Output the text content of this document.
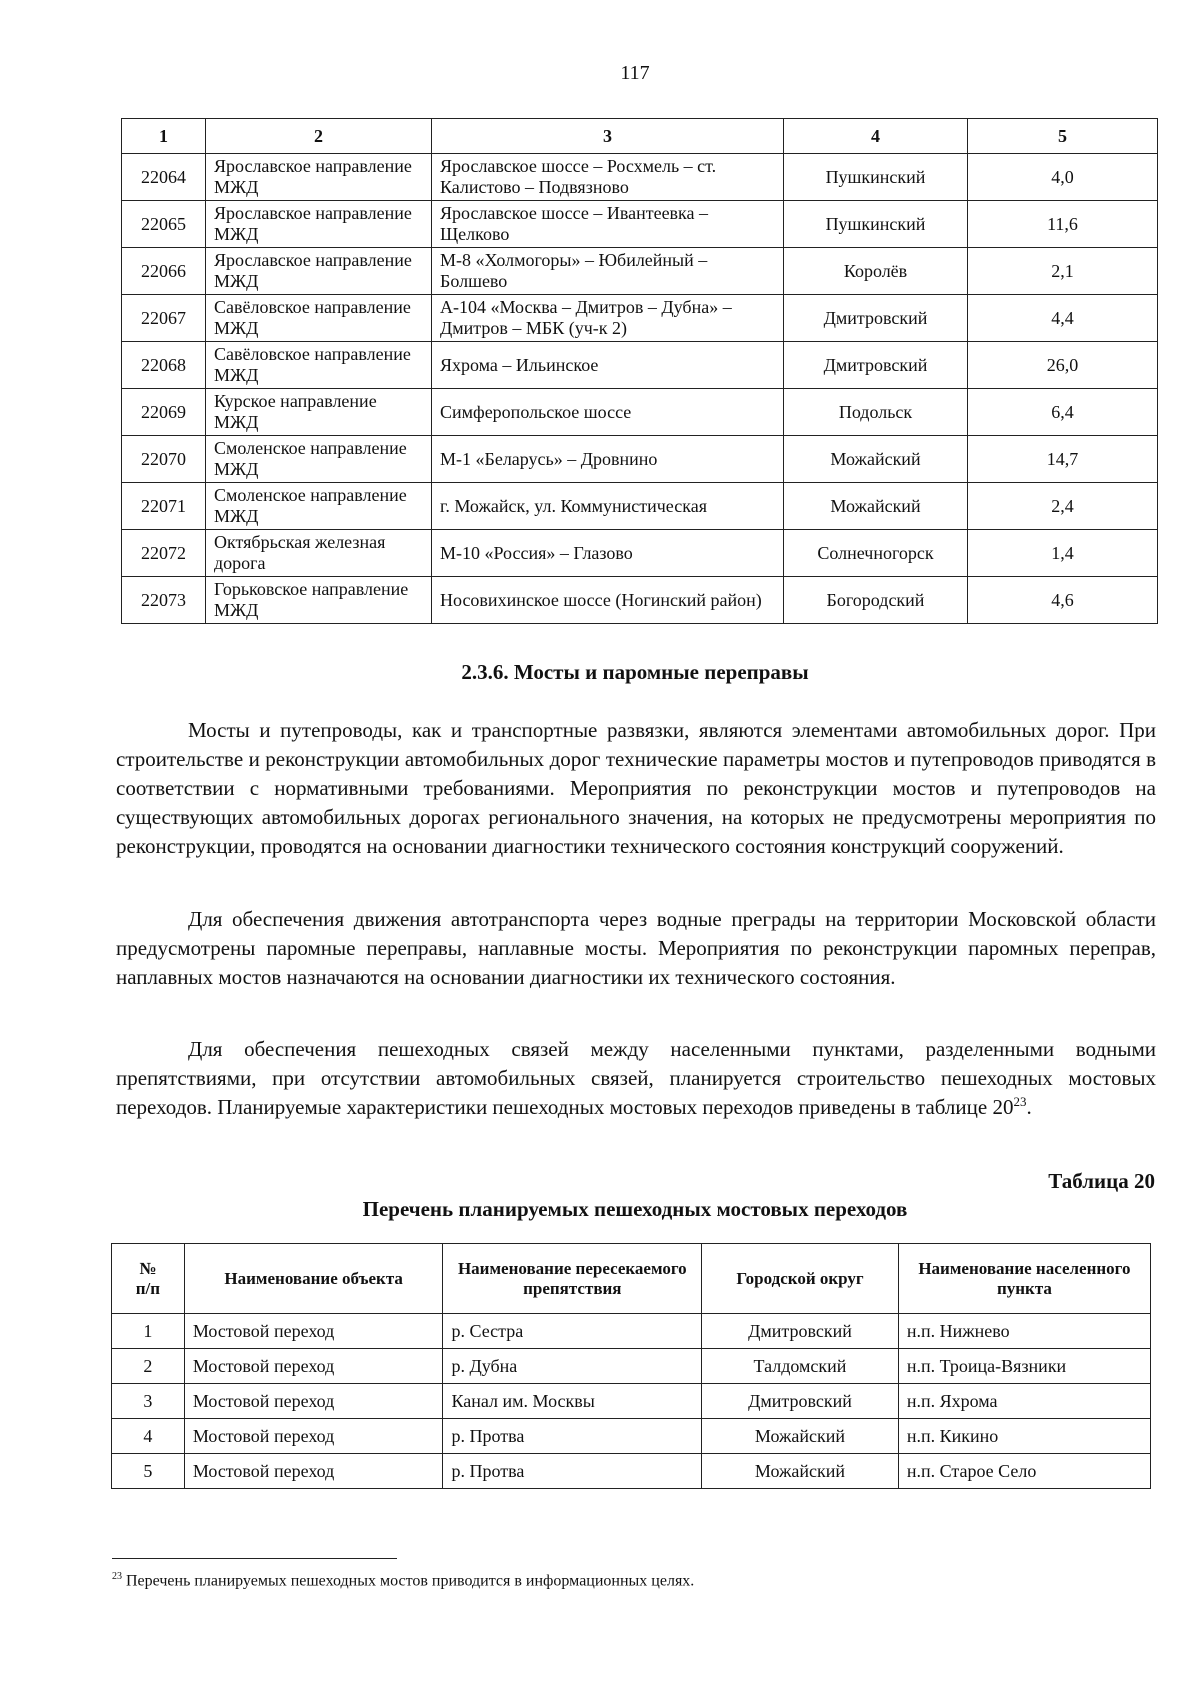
117
1	2	3	4	5
22064	Ярославское направление МЖД	Ярославское шоссе – Росхмель – ст. Калистово – Подвязново	Пушкинский	4,0
22065	Ярославское направление МЖД	Ярославское шоссе – Ивантеевка – Щелково	Пушкинский	11,6
22066	Ярославское направление МЖД	М-8 «Холмогоры» – Юбилейный – Болшево	Королёв	2,1
22067	Савёловское направление МЖД	А-104 «Москва – Дмитров – Дубна» – Дмитров – МБК (уч-к 2)	Дмитровский	4,4
22068	Савёловское направление МЖД	Яхрома – Ильинское	Дмитровский	26,0
22069	Курское направление МЖД	Симферопольское шоссе	Подольск	6,4
22070	Смоленское направление МЖД	М-1 «Беларусь» – Дровнино	Можайский	14,7
22071	Смоленское направление МЖД	г. Можайск, ул. Коммунистическая	Можайский	2,4
22072	Октябрьская железная дорога	М-10 «Россия» – Глазово	Солнечногорск	1,4
22073	Горьковское направление МЖД	Носовихинское шоссе (Ногинский район)	Богородский	4,6
2.3.6. Мосты и паромные переправы

Мосты и путепроводы, как и транспортные развязки, являются элементами автомобильных дорог. При строительстве и реконструкции автомобильных дорог технические параметры мостов и путепроводов приводятся в соответствии с нормативными требованиями. Мероприятия по реконструкции мостов и путепроводов на существующих автомобильных дорогах регионального значения, на которых не предусмотрены мероприятия по реконструкции, проводятся на основании диагностики технического состояния конструкций сооружений.

Для обеспечения движения автотранспорта через водные преграды на территории Московской области предусмотрены паромные переправы, наплавные мосты. Мероприятия по реконструкции паромных переправ, наплавных мостов назначаются на основании диагностики их технического состояния.

Для обеспечения пешеходных связей между населенными пунктами, разделенными водными препятствиями, при отсутствии автомобильных связей, планируется строительство пешеходных мостовых переходов. Планируемые характеристики пешеходных мостовых переходов приведены в таблице $20^{23}$.

Таблица 20
Перечень планируемых пешеходных мостовых переходов
№
п/п	Наименование объекта	Наименование пересекаемого препятствия	Городской округ	Наименование населенного пункта
1	Мостовой переход	р. Сестра	Дмитровский	н.п. Нижнево
2	Мостовой переход	р. Дубна	Талдомский	н.п. Троица-Вязники
3	Мостовой переход	Канал им. Москвы	Дмитровский	н.п. Яхрома
4	Мостовой переход	р. Протва	Можайский	н.п. Кикино
5	Мостовой переход	р. Протва	Можайский	н.п. Старое Село
$^{23}$ Перечень планируемых пешеходных мостов приводится в информационных целях.
